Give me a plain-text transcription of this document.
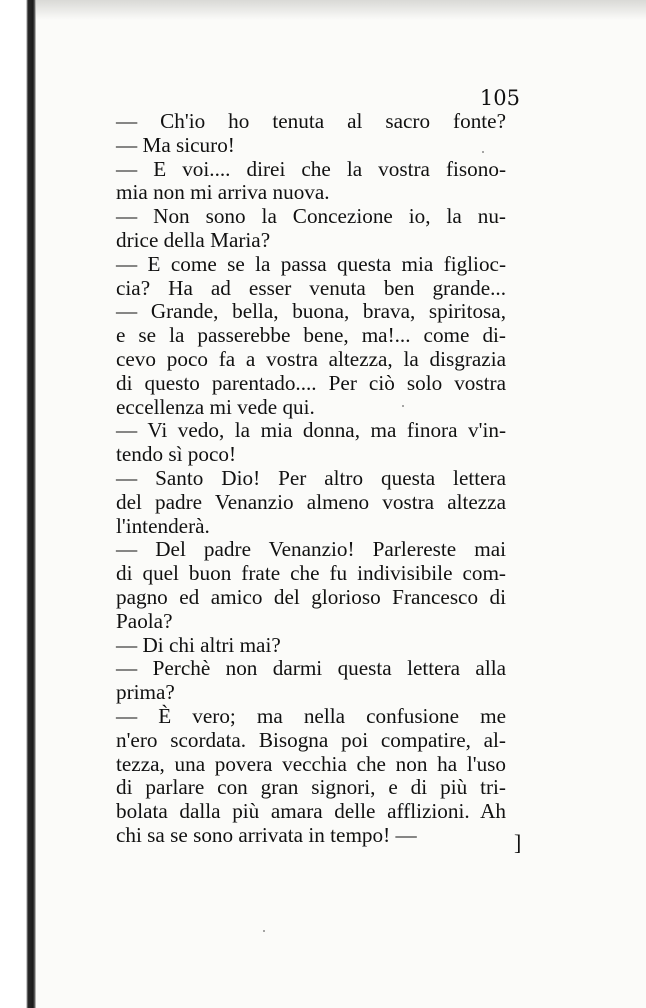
105
— Ch'io ho tenuta al sacro fonte?
— Ma sicuro!
— E voi.... direi che la vostra fisono-
mia non mi arriva nuova.
— Non sono la Concezione io, la nu-
drice della Maria?
— E come se la passa questa mia figlioc-
cia? Ha ad esser venuta ben grande...
— Grande, bella, buona, brava, spiritosa,
e se la passerebbe bene, ma!... come di-
cevo poco fa a vostra altezza, la disgrazia
di questo parentado.... Per ciò solo vostra
eccellenza mi vede qui.
— Vi vedo, la mia donna, ma finora v'in-
tendo sì poco!
— Santo Dio! Per altro questa lettera
del padre Venanzio almeno vostra altezza
l'intenderà.
— Del padre Venanzio! Parlereste mai
di quel buon frate che fu indivisibile com-
pagno ed amico del glorioso Francesco di
Paola?
— Di chi altri mai?
— Perchè non darmi questa lettera alla
prima?
— È vero; ma nella confusione me
n'ero scordata. Bisogna poi compatire, al-
tezza, una povera vecchia che non ha l'uso
di parlare con gran signori, e di più tri-
bolata dalla più amara delle afflizioni. Ah
chi sa se sono arrivata in tempo! —	]
